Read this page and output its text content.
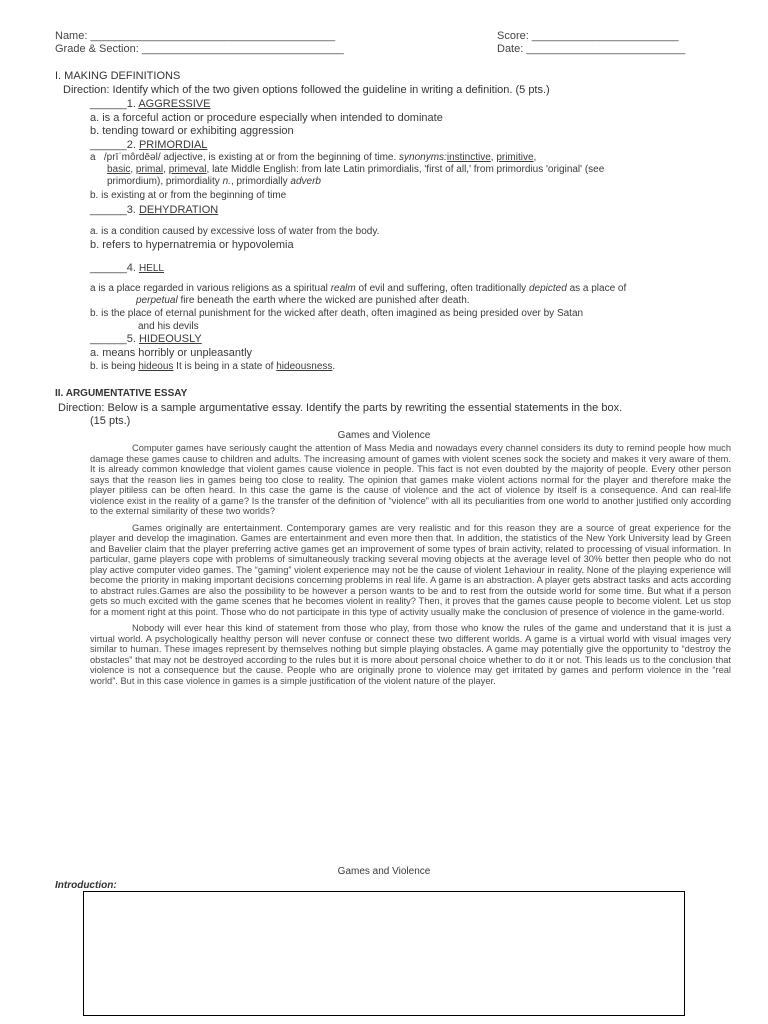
Name: ________________________________________	Score: ________________________
Grade & Section: _________________________________	Date: __________________________
I. MAKING DEFINITIONS
Direction: Identify which of the two given options followed the guideline in writing a definition. (5 pts.)
______1. AGGRESSIVE
a. is a forceful action or procedure especially when intended to dominate
b. tending toward or exhibiting aggression
______2. PRIMORDIAL
a /prīˈmôrdēəl/ adjective, is existing at or from the beginning of time. synonyms:instinctive, primitive,
basic, primal, primeval, late Middle English: from late Latin primordialis, 'first of all,' from primordius 'original' (see
primordium), primordiality n., primordially adverb
b. is existing at or from the beginning of time
______3. DEHYDRATION
a. is a condition caused by excessive loss of water from the body.
b. refers to hypernatremia or hypovolemia
______4. HELL
a is a place regarded in various religions as a spiritual realm of evil and suffering, often traditionally depicted as a place of
perpetual fire beneath the earth where the wicked are punished after death.
b. is the place of eternal punishment for the wicked after death, often imagined as being presided over by Satan
and his devils
______5. HIDEOUSLY
a. means horribly or unpleasantly
b. is being hideous It is being in a state of hideousness.
II. ARGUMENTATIVE ESSAY
Direction: Below is a sample argumentative essay. Identify the parts by rewriting the essential statements in the box.
(15 pts.)
Games and Violence

Computer games have seriously caught the attention of Mass Media and nowadays every channel considers its duty to remind people how much damage these games cause to children and adults. The increasing amount of games with violent scenes sock the society and makes it very aware of them. It is already common knowledge that violent games cause violence in people. This fact is not even doubted by the majority of people. Every other person says that the reason lies in games being too close to reality. The opinion that games make violent actions normal for the player and therefore make the player pitiless can be often heard. In this case the game is the cause of violence and the act of violence by itself is a consequence. And can real-life violence exist in the reality of a game? Is the transfer of the definition of “violence” with all its peculiarities from one world to another justified only according to the external similarity of these two worlds?

Games originally are entertainment. Contemporary games are very realistic and for this reason they are a source of great experience for the player and develop the imagination. Games are entertainment and even more then that. In addition, the statistics of the New York University lead by Green and Bavelier claim that the player preferring active games get an improvement of some types of brain activity, related to processing of visual information. In particular, game players cope with problems of simultaneously tracking several moving objects at the average level of 30% better then people who do not play active computer video games. The “gaming” violent experience may not be the cause of violent 1ehaviour in reality. None of the playing experience will become the priority in making important decisions concerning problems in real life. A game is an abstraction. A player gets abstract tasks and acts according to abstract rules.Games are also the possibility to be however a person wants to be and to rest from the outside world for some time. But what if a person gets so much excited with the game scenes that he becomes violent in reality? Then, it proves that the games cause people to become violent. Let us stop for a moment right at this point. Those who do not participate in this type of activity usually make the conclusion of presence of violence in the game-world.

Nobody will ever hear this kind of statement from those who play, from those who know the rules of the game and understand that it is just a virtual world. A psychologically healthy person will never confuse or connect these two different worlds. A game is a virtual world with visual images very similar to human. These images represent by themselves nothing but simple playing obstacles. A game may potentially give the opportunity to “destroy the obstacles” that may not be destroyed according to the rules but it is more about personal choice whether to do it or not. This leads us to the conclusion that violence is not a consequence but the cause. People who are originally prone to violence may get irritated by games and perform violence in the “real world”. But in this case violence in games is a simple justification of the violent nature of the player.

Games and Violence
Introduction:
